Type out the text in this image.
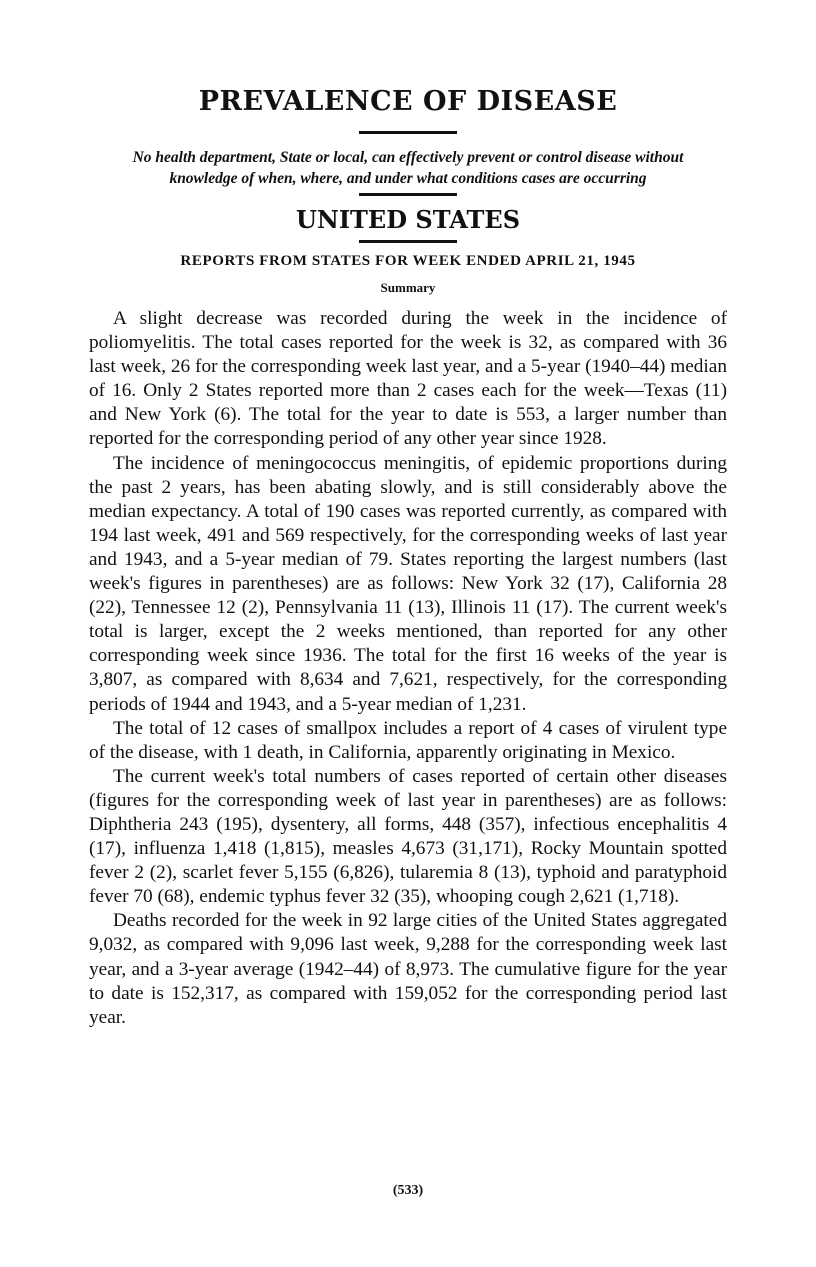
PREVALENCE OF DISEASE

No health department, State or local, can effectively prevent or control disease without
knowledge of when, where, and under what conditions cases are occurring

UNITED STATES

REPORTS FROM STATES FOR WEEK ENDED APRIL 21, 1945

Summary

A slight decrease was recorded during the week in the incidence of poliomyelitis. The total cases reported for the week is 32, as compared with 36 last week, 26 for the corresponding week last year, and a 5-year (1940–44) median of 16. Only 2 States reported more than 2 cases each for the week—Texas (11) and New York (6). The total for the year to date is 553, a larger number than reported for the corresponding period of any other year since 1928.

The incidence of meningococcus meningitis, of epidemic proportions during the past 2 years, has been abating slowly, and is still considerably above the median expectancy. A total of 190 cases was reported currently, as compared with 194 last week, 491 and 569 respectively, for the corresponding weeks of last year and 1943, and a 5-year median of 79. States reporting the largest numbers (last week's figures in parentheses) are as follows: New York 32 (17), California 28 (22), Tennessee 12 (2), Pennsylvania 11 (13), Illinois 11 (17). The current week's total is larger, except the 2 weeks mentioned, than reported for any other corresponding week since 1936. The total for the first 16 weeks of the year is 3,807, as compared with 8,634 and 7,621, respectively, for the corresponding periods of 1944 and 1943, and a 5-year median of 1,231.

The total of 12 cases of smallpox includes a report of 4 cases of virulent type of the disease, with 1 death, in California, apparently originating in Mexico.

The current week's total numbers of cases reported of certain other diseases (figures for the corresponding week of last year in parentheses) are as follows: Diphtheria 243 (195), dysentery, all forms, 448 (357), infectious encephalitis 4 (17), influenza 1,418 (1,815), measles 4,673 (31,171), Rocky Mountain spotted fever 2 (2), scarlet fever 5,155 (6,826), tularemia 8 (13), typhoid and paratyphoid fever 70 (68), endemic typhus fever 32 (35), whooping cough 2,621 (1,718).

Deaths recorded for the week in 92 large cities of the United States aggregated 9,032, as compared with 9,096 last week, 9,288 for the corresponding week last year, and a 3-year average (1942–44) of 8,973. The cumulative figure for the year to date is 152,317, as compared with 159,052 for the corresponding period last year.

(533)
